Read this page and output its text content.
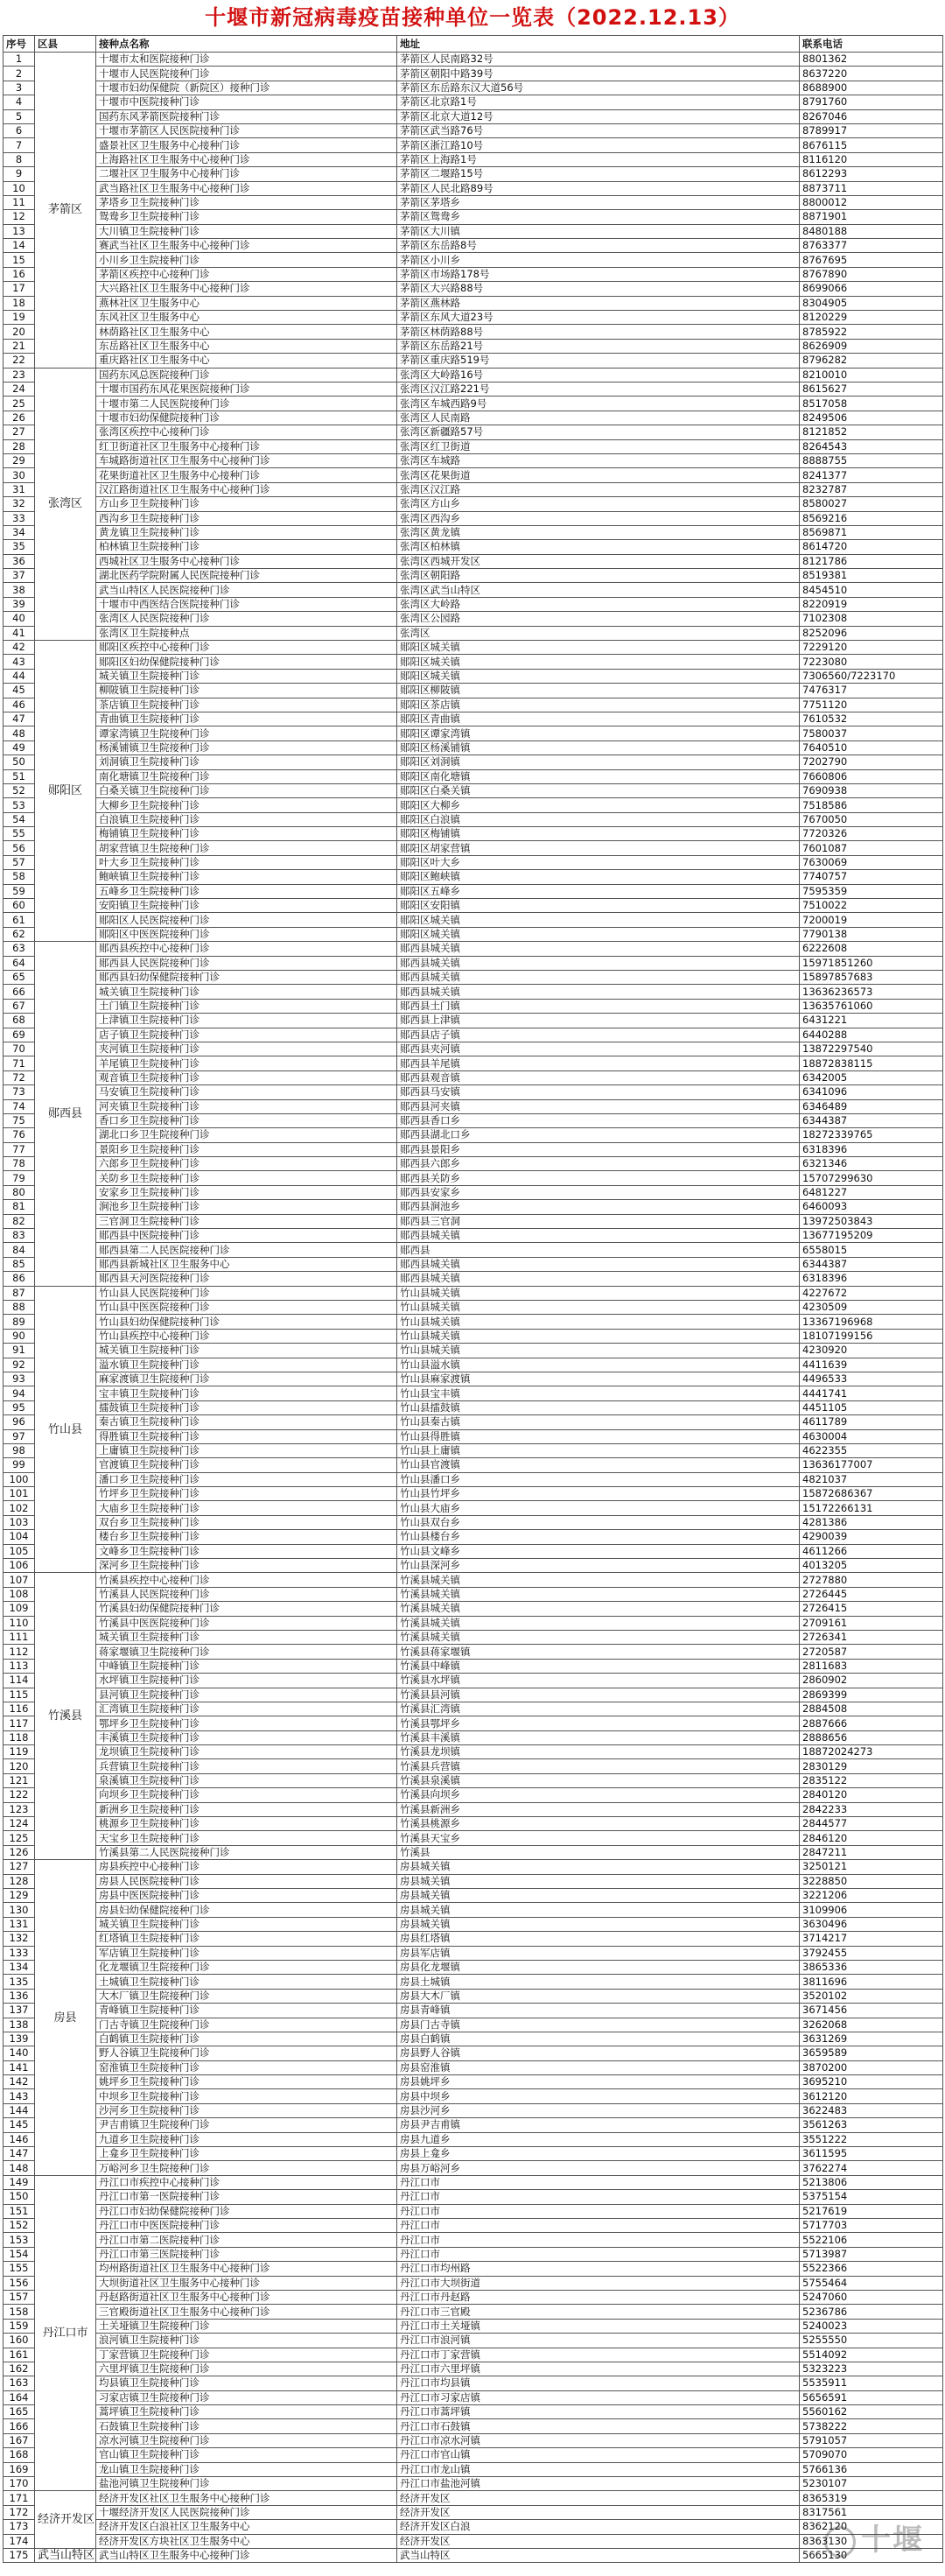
十堰市新冠病毒疫苗接种单位一览表（2022.12.13）
序号	区县	接种点名称	地址	联系电话
1	茅箭区	十堰市太和医院接种门诊	茅箭区人民南路32号	8801362
2		十堰市人民医院接种门诊	茅箭区朝阳中路39号	8637220
3		十堰市妇幼保健院（新院区）接种门诊	茅箭区东岳路东汉大道56号	8688900
4		十堰市中医院接种门诊	茅箭区北京路1号	8791760
5		国药东风茅箭医院接种门诊	茅箭区北京大道12号	8267046
6		十堰市茅箭区人民医院接种门诊	茅箭区武当路76号	8789917
7		盛景社区卫生服务中心接种门诊	茅箭区浙江路10号	8676115
8		上海路社区卫生服务中心接种门诊	茅箭区上海路1号	8116120
9		二堰社区卫生服务中心接种门诊	茅箭区二堰路15号	8612293
10		武当路社区卫生服务中心接种门诊	茅箭区人民北路89号	8873711
11		茅塔乡卫生院接种门诊	茅箭区茅塔乡	8800012
12		鸳鸯乡卫生院接种门诊	茅箭区鸳鸯乡	8871901
13		大川镇卫生院接种门诊	茅箭区大川镇	8480188
14		赛武当社区卫生服务中心接种门诊	茅箭区东岳路8号	8763377
15		小川乡卫生院接种门诊	茅箭区小川乡	8767695
16		茅箭区疾控中心接种门诊	茅箭区市场路178号	8767890
17		大兴路社区卫生服务中心接种门诊	茅箭区大兴路88号	8699066
18		燕林社区卫生服务中心	茅箭区燕林路	8304905
19		东风社区卫生服务中心	茅箭区东风大道23号	8120229
20		林荫路社区卫生服务中心	茅箭区林荫路88号	8785922
21		东岳路社区卫生服务中心	茅箭区东岳路21号	8626909
22		重庆路社区卫生服务中心	茅箭区重庆路519号	8796282
23	张湾区	国药东风总医院接种门诊	张湾区大岭路16号	8210010
24		十堰市国药东风花果医院接种门诊	张湾区汉江路221号	8615627
25		十堰市第二人民医院接种门诊	张湾区车城西路9号	8517058
26		十堰市妇幼保健院接种门诊	张湾区人民南路	8249506
27		张湾区疾控中心接种门诊	张湾区新疆路57号	8121852
28		红卫街道社区卫生服务中心接种门诊	张湾区红卫街道	8264543
29		车城路街道社区卫生服务中心接种门诊	张湾区车城路	8888755
30		花果街道社区卫生服务中心接种门诊	张湾区花果街道	8241377
31		汉江路街道社区卫生服务中心接种门诊	张湾区汉江路	8232787
32		方山乡卫生院接种门诊	张湾区方山乡	8580027
33		西沟乡卫生院接种门诊	张湾区西沟乡	8569216
34		黄龙镇卫生院接种门诊	张湾区黄龙镇	8569871
35		柏林镇卫生院接种门诊	张湾区柏林镇	8614720
36		西城社区卫生服务中心接种门诊	张湾区西城开发区	8121786
37		湖北医药学院附属人民医院接种门诊	张湾区朝阳路	8519381
38		武当山特区人民医院接种门诊	张湾区武当山特区	8454510
39		十堰市中西医结合医院接种门诊	张湾区大岭路	8220919
40		张湾区人民医院接种门诊	张湾区公园路	7102308
41		张湾区卫生院接种点	张湾区	8252096
42	郧阳区	郧阳区疾控中心接种门诊	郧阳区城关镇	7229120
43		郧阳区妇幼保健院接种门诊	郧阳区城关镇	7223080
44		城关镇卫生院接种门诊	郧阳区城关镇	7306560/7223170
45		柳陂镇卫生院接种门诊	郧阳区柳陂镇	7476317
46		茶店镇卫生院接种门诊	郧阳区茶店镇	7751120
47		青曲镇卫生院接种门诊	郧阳区青曲镇	7610532
48		谭家湾镇卫生院接种门诊	郧阳区谭家湾镇	7580037
49		杨溪铺镇卫生院接种门诊	郧阳区杨溪铺镇	7640510
50		刘洞镇卫生院接种门诊	郧阳区刘洞镇	7202790
51		南化塘镇卫生院接种门诊	郧阳区南化塘镇	7660806
52		白桑关镇卫生院接种门诊	郧阳区白桑关镇	7690938
53		大柳乡卫生院接种门诊	郧阳区大柳乡	7518586
54		白浪镇卫生院接种门诊	郧阳区白浪镇	7670050
55		梅铺镇卫生院接种门诊	郧阳区梅铺镇	7720326
56		胡家营镇卫生院接种门诊	郧阳区胡家营镇	7601087
57		叶大乡卫生院接种门诊	郧阳区叶大乡	7630069
58		鲍峡镇卫生院接种门诊	郧阳区鲍峡镇	7740757
59		五峰乡卫生院接种门诊	郧阳区五峰乡	7595359
60		安阳镇卫生院接种门诊	郧阳区安阳镇	7510022
61		郧阳区人民医院接种门诊	郧阳区城关镇	7200019
62		郧阳区中医医院接种门诊	郧阳区城关镇	7790138
63	郧西县	郧西县疾控中心接种门诊	郧西县城关镇	6222608
64		郧西县人民医院接种门诊	郧西县城关镇	15971851260
65		郧西县妇幼保健院接种门诊	郧西县城关镇	15897857683
66		城关镇卫生院接种门诊	郧西县城关镇	13636236573
67		土门镇卫生院接种门诊	郧西县土门镇	13635761060
68		上津镇卫生院接种门诊	郧西县上津镇	6431221
69		店子镇卫生院接种门诊	郧西县店子镇	6440288
70		夹河镇卫生院接种门诊	郧西县夹河镇	13872297540
71		羊尾镇卫生院接种门诊	郧西县羊尾镇	18872838115
72		观音镇卫生院接种门诊	郧西县观音镇	6342005
73		马安镇卫生院接种门诊	郧西县马安镇	6341096
74		河夹镇卫生院接种门诊	郧西县河夹镇	6346489
75		香口乡卫生院接种门诊	郧西县香口乡	6344387
76		湖北口乡卫生院接种门诊	郧西县湖北口乡	18272339765
77		景阳乡卫生院接种门诊	郧西县景阳乡	6318396
78		六郎乡卫生院接种门诊	郧西县六郎乡	6321346
79		关防乡卫生院接种门诊	郧西县关防乡	15707299630
80		安家乡卫生院接种门诊	郧西县安家乡	6481227
81		涧池乡卫生院接种门诊	郧西县涧池乡	6460093
82		三官洞卫生院接种门诊	郧西县三官洞	13972503843
83		郧西县中医院接种门诊	郧西县城关镇	13677195209
84		郧西县第二人民医院接种门诊	郧西县	6558015
85		郧西县新城社区卫生服务中心	郧西县城关镇	6344387
86		郧西县天河医院接种门诊	郧西县城关镇	6318396
87	竹山县	竹山县人民医院接种门诊	竹山县城关镇	4227672
88		竹山县中医医院接种门诊	竹山县城关镇	4230509
89		竹山县妇幼保健院接种门诊	竹山县城关镇	13367196968
90		竹山县疾控中心接种门诊	竹山县城关镇	18107199156
91		城关镇卫生院接种门诊	竹山县城关镇	4230920
92		溢水镇卫生院接种门诊	竹山县溢水镇	4411639
93		麻家渡镇卫生院接种门诊	竹山县麻家渡镇	4496533
94		宝丰镇卫生院接种门诊	竹山县宝丰镇	4441741
95		擂鼓镇卫生院接种门诊	竹山县擂鼓镇	4451105
96		秦古镇卫生院接种门诊	竹山县秦古镇	4611789
97		得胜镇卫生院接种门诊	竹山县得胜镇	4630004
98		上庸镇卫生院接种门诊	竹山县上庸镇	4622355
99		官渡镇卫生院接种门诊	竹山县官渡镇	13636177007
100		潘口乡卫生院接种门诊	竹山县潘口乡	4821037
101		竹坪乡卫生院接种门诊	竹山县竹坪乡	15872686367
102		大庙乡卫生院接种门诊	竹山县大庙乡	15172266131
103		双台乡卫生院接种门诊	竹山县双台乡	4281386
104		楼台乡卫生院接种门诊	竹山县楼台乡	4290039
105		文峰乡卫生院接种门诊	竹山县文峰乡	4611266
106		深河乡卫生院接种门诊	竹山县深河乡	4013205
107	竹溪县	竹溪县疾控中心接种门诊	竹溪县城关镇	2727880
108		竹溪县人民医院接种门诊	竹溪县城关镇	2726445
109		竹溪县妇幼保健院接种门诊	竹溪县城关镇	2726415
110		竹溪县中医医院接种门诊	竹溪县城关镇	2709161
111		城关镇卫生院接种门诊	竹溪县城关镇	2726341
112		蒋家堰镇卫生院接种门诊	竹溪县蒋家堰镇	2720587
113		中峰镇卫生院接种门诊	竹溪县中峰镇	2811683
114		水坪镇卫生院接种门诊	竹溪县水坪镇	2860902
115		县河镇卫生院接种门诊	竹溪县县河镇	2869399
116		汇湾镇卫生院接种门诊	竹溪县汇湾镇	2884508
117		鄂坪乡卫生院接种门诊	竹溪县鄂坪乡	2887666
118		丰溪镇卫生院接种门诊	竹溪县丰溪镇	2888656
119		龙坝镇卫生院接种门诊	竹溪县龙坝镇	18872024273
120		兵营镇卫生院接种门诊	竹溪县兵营镇	2830129
121		泉溪镇卫生院接种门诊	竹溪县泉溪镇	2835122
122		向坝乡卫生院接种门诊	竹溪县向坝乡	2840120
123		新洲乡卫生院接种门诊	竹溪县新洲乡	2842233
124		桃源乡卫生院接种门诊	竹溪县桃源乡	2844577
125		天宝乡卫生院接种门诊	竹溪县天宝乡	2846120
126		竹溪县第二人民医院接种门诊	竹溪县	2847211
127	房县	房县疾控中心接种门诊	房县城关镇	3250121
128		房县人民医院接种门诊	房县城关镇	3228850
129		房县中医医院接种门诊	房县城关镇	3221206
130		房县妇幼保健院接种门诊	房县城关镇	3109906
131		城关镇卫生院接种门诊	房县城关镇	3630496
132		红塔镇卫生院接种门诊	房县红塔镇	3714217
133		军店镇卫生院接种门诊	房县军店镇	3792455
134		化龙堰镇卫生院接种门诊	房县化龙堰镇	3865336
135		土城镇卫生院接种门诊	房县土城镇	3811696
136		大木厂镇卫生院接种门诊	房县大木厂镇	3520102
137		青峰镇卫生院接种门诊	房县青峰镇	3671456
138		门古寺镇卫生院接种门诊	房县门古寺镇	3262068
139		白鹤镇卫生院接种门诊	房县白鹤镇	3631269
140		野人谷镇卫生院接种门诊	房县野人谷镇	3659589
141		窑淮镇卫生院接种门诊	房县窑淮镇	3870200
142		姚坪乡卫生院接种门诊	房县姚坪乡	3695210
143		中坝乡卫生院接种门诊	房县中坝乡	3612120
144		沙河乡卫生院接种门诊	房县沙河乡	3622483
145		尹吉甫镇卫生院接种门诊	房县尹吉甫镇	3561263
146		九道乡卫生院接种门诊	房县九道乡	3551222
147		上龛乡卫生院接种门诊	房县上龛乡	3611595
148		万峪河乡卫生院接种门诊	房县万峪河乡	3762274
149	丹江口市	丹江口市疾控中心接种门诊	丹江口市	5213806
150		丹江口市第一医院接种门诊	丹江口市	5375154
151		丹江口市妇幼保健院接种门诊	丹江口市	5217619
152		丹江口市中医医院接种门诊	丹江口市	5717703
153		丹江口市第二医院接种门诊	丹江口市	5522106
154		丹江口市第三医院接种门诊	丹江口市	5713987
155		均州路街道社区卫生服务中心接种门诊	丹江口市均州路	5522366
156		大坝街道社区卫生服务中心接种门诊	丹江口市大坝街道	5755464
157		丹赵路街道社区卫生服务中心接种门诊	丹江口市丹赵路	5247060
158		三官殿街道社区卫生服务中心接种门诊	丹江口市三官殿	5236786
159		土关垭镇卫生院接种门诊	丹江口市土关垭镇	5240023
160		浪河镇卫生院接种门诊	丹江口市浪河镇	5255550
161		丁家营镇卫生院接种门诊	丹江口市丁家营镇	5514092
162		六里坪镇卫生院接种门诊	丹江口市六里坪镇	5323223
163		均县镇卫生院接种门诊	丹江口市均县镇	5535911
164		习家店镇卫生院接种门诊	丹江口市习家店镇	5656591
165		蒿坪镇卫生院接种门诊	丹江口市蒿坪镇	5560162
166		石鼓镇卫生院接种门诊	丹江口市石鼓镇	5738222
167		凉水河镇卫生院接种门诊	丹江口市凉水河镇	5791057
168		官山镇卫生院接种门诊	丹江口市官山镇	5709070
169		龙山镇卫生院接种门诊	丹江口市龙山镇	5766136
170		盐池河镇卫生院接种门诊	丹江口市盐池河镇	5230107
171	经济开发区	经济开发区社区卫生服务中心接种门诊	经济开发区	8365319
172		十堰经济开发区人民医院接种门诊	经济开发区	8317561
173		经济开发区白浪社区卫生服务中心	经济开发区白浪	8362120
174		经济开发区方块社区卫生服务中心	经济开发区	8363130
175	武当山特区	武当山特区卫生服务中心接种门诊	武当山特区	5665130 十堰
